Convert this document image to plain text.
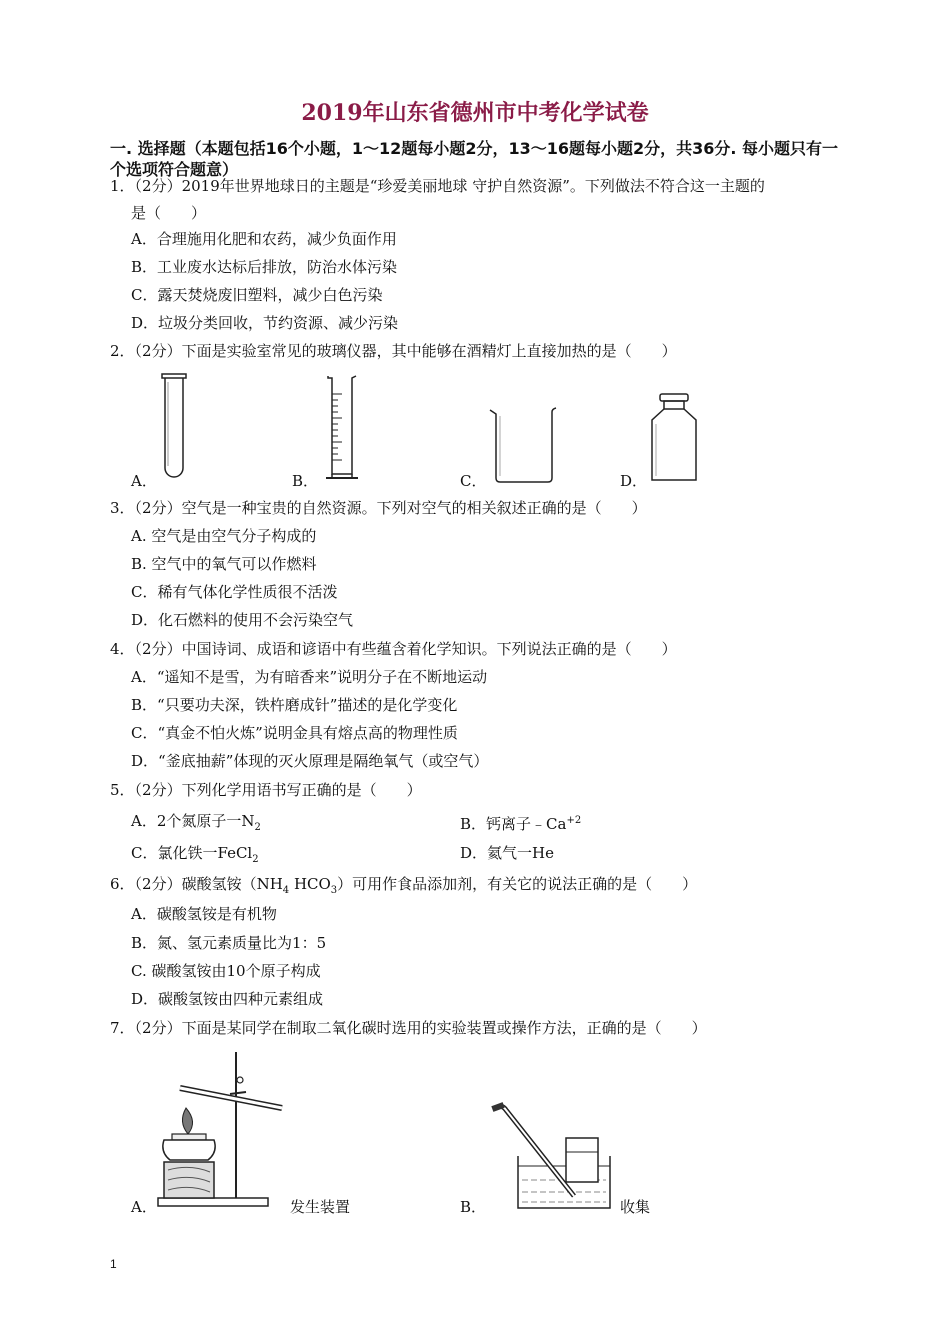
2019年山东省德州市中考化学试卷
一. 选择题（本题包括16个小题，1～12题每小题2分，13～16题每小题2分，共36分. 每小题只有一个选项符合题意）
1．（2分）2019年世界地球日的主题是“珍爱美丽地球 守护自然资源”。下列做法不符合这一主题的
是（　　）
A．合理施用化肥和农药，减少负面作用
B．工业废水达标后排放，防治水体污染
C．露天焚烧废旧塑料，减少白色污染
D．垃圾分类回收，节约资源、减少污染
2．（2分）下面是实验室常见的玻璃仪器，其中能够在酒精灯上直接加热的是（　　）
A．	B．	C．	D．
3．（2分）空气是一种宝贵的自然资源。下列对空气的相关叙述正确的是（　　）
A. 空气是由空气分子构成的
B. 空气中的氧气可以作燃料
C．稀有气体化学性质很不活泼
D．化石燃料的使用不会污染空气
4．（2分）中国诗词、成语和谚语中有些蕴含着化学知识。下列说法正确的是（　　）
A．“遥知不是雪，为有暗香来”说明分子在不断地运动
B．“只要功夫深，铁杵磨成针”描述的是化学变化
C．“真金不怕火炼”说明金具有熔点高的物理性质
D．“釜底抽薪”体现的灭火原理是隔绝氧气（或空气）
5．（2分）下列化学用语书写正确的是（　　）
A．2个氮原子一$N_2$	B．钙离子$﹣Ca^{+2}$
C．氯化铁一FeCl$_2$	D．氦气一He
6．（2分）碳酸氢铵（$NH_4$ $HCO_3$）可用作食品添加剂，有关它的说法正确的是（　　）
A．碳酸氢铵是有机物
B．氮、氢元素质量比为1：5
C. 碳酸氢铵由10个原子构成
D．碳酸氢铵由四种元素组成
7．（2分）下面是某同学在制取二氧化碳时选用的实验装置或操作方法，正确的是（　　）
A．	发生装置	B．	收集
1
